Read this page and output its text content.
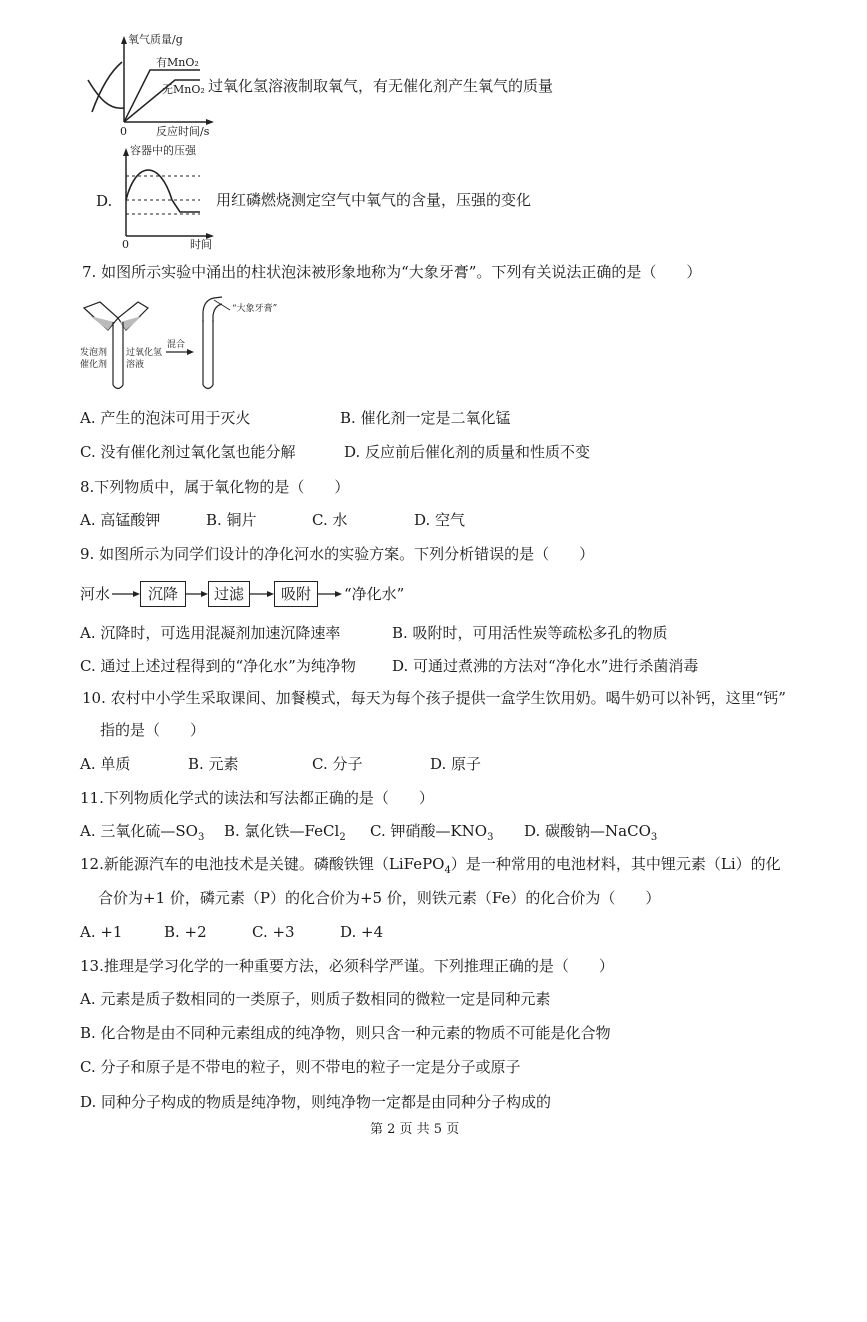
氧气质量/g
有MnO₂
无MnO₂
0	反应时间/s
过氧化氢溶液制取氧气，有无催化剂产生氧气的质量
容器中的压强
D.
0	时间
用红磷燃烧测定空气中氧气的含量，压强的变化
7. 如图所示实验中涌出的柱状泡沫被形象地称为“大象牙膏”。下列有关说法正确的是（　　）
“大象牙膏”
发泡剂
催化剂
过氧化氢
溶液
混合
A. 产生的泡沫可用于灭火	B. 催化剂一定是二氧化锰
C. 没有催化剂过氧化氢也能分解	D. 反应前后催化剂的质量和性质不变
8.下列物质中，属于氧化物的是（　　）
A. 高锰酸钾	B. 铜片	C. 水	D. 空气
9. 如图所示为同学们设计的净化河水的实验方案。下列分析错误的是（　　）
河水	沉降	过滤	吸附	“净化水”
A. 沉降时，可选用混凝剂加速沉降速率	B. 吸附时，可用活性炭等疏松多孔的物质
C. 通过上述过程得到的“净化水”为纯净物 D. 可通过煮沸的方法对“净化水”进行杀菌消毒
10. 农村中小学生采取课间、加餐模式，每天为每个孩子提供一盒学生饮用奶。喝牛奶可以补钙，这里“钙”
指的是（　　）
A. 单质	B. 元素	C. 分子	D. 原子
11.下列物质化学式的读法和写法都正确的是（　　）
A. 三氧化硫$—SO_3$ B. 氯化铁—FeCl$_2$ C. 钾硝酸$—KNO_3$ D. 碳酸钠—NaCO$_3$
12.新能源汽车的电池技术是关键。磷酸铁锂（LiFePO$_4$）是一种常用的电池材料，其中锂元素（Li）的化
合价为+1 价，磷元素（P）的化合价为+5 价，则铁元素（Fe）的化合价为（　　）
A. +1	B. +2	C. +3	D. +4
13.推理是学习化学的一种重要方法，必须科学严谨。下列推理正确的是（　　）
A. 元素是质子数相同的一类原子，则质子数相同的微粒一定是同种元素
B. 化合物是由不同种元素组成的纯净物，则只含一种元素的物质不可能是化合物
C. 分子和原子是不带电的粒子，则不带电的粒子一定是分子或原子
D. 同种分子构成的物质是纯净物，则纯净物一定都是由同种分子构成的
第 2 页 共 5 页
